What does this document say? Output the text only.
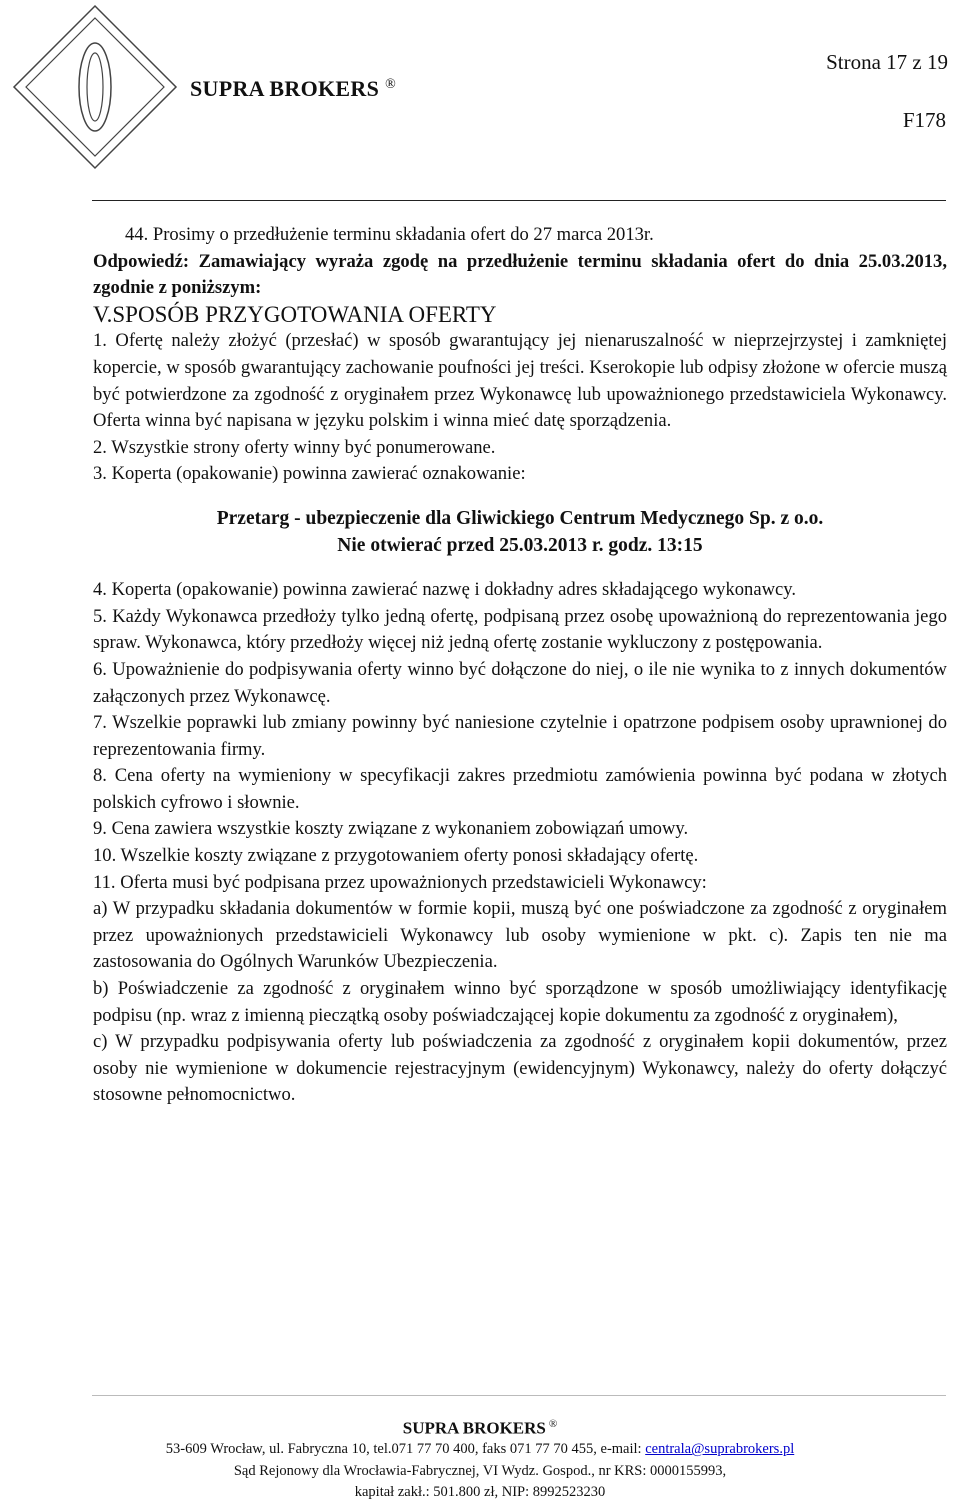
SUPRA BROKERS ®
Strona 17 z 19
F178

44. Prosimy o przedłużenie terminu składania ofert do 27 marca 2013r.

Odpowiedź: Zamawiający wyraża zgodę na przedłużenie terminu składania ofert do dnia 25.03.2013, zgodnie z poniższym:

V.SPOSÓB PRZYGOTOWANIA OFERTY

1. Ofertę należy złożyć (przesłać) w sposób gwarantujący jej nienaruszalność w nieprzejrzystej i zamkniętej kopercie, w sposób gwarantujący zachowanie poufności jej treści. Kserokopie lub odpisy złożone w ofercie muszą być potwierdzone za zgodność z oryginałem przez Wykonawcę lub upoważnionego przedstawiciela Wykonawcy. Oferta winna być napisana w języku polskim i winna mieć datę sporządzenia.

2. Wszystkie strony oferty winny być ponumerowane.

3. Koperta (opakowanie) powinna zawierać oznakowanie:

Przetarg - ubezpieczenie dla Gliwickiego Centrum Medycznego Sp. z o.o.

Nie otwierać przed 25.03.2013 r. godz. 13:15

4. Koperta (opakowanie) powinna zawierać nazwę i dokładny adres składającego wykonawcy.

5. Każdy Wykonawca przedłoży tylko jedną ofertę, podpisaną przez osobę upoważnioną do reprezentowania jego spraw. Wykonawca, który przedłoży więcej niż jedną ofertę zostanie wykluczony z postępowania.

6. Upoważnienie do podpisywania oferty winno być dołączone do niej, o ile nie wynika to z innych dokumentów załączonych przez Wykonawcę.

7. Wszelkie poprawki lub zmiany powinny być naniesione czytelnie i opatrzone podpisem osoby uprawnionej do reprezentowania firmy.

8. Cena oferty na wymieniony w specyfikacji zakres przedmiotu zamówienia powinna być podana w złotych polskich cyfrowo i słownie.

9. Cena zawiera wszystkie koszty związane z wykonaniem zobowiązań umowy.

10. Wszelkie koszty związane z przygotowaniem oferty ponosi składający ofertę.

11. Oferta musi być podpisana przez upoważnionych przedstawicieli Wykonawcy:

a) W przypadku składania dokumentów w formie kopii, muszą być one poświadczone za zgodność z oryginałem przez upoważnionych przedstawicieli Wykonawcy lub osoby wymienione w pkt. c). Zapis ten nie ma zastosowania do Ogólnych Warunków Ubezpieczenia.

b) Poświadczenie za zgodność z oryginałem winno być sporządzone w sposób umożliwiający identyfikację podpisu (np. wraz z imienną pieczątką osoby poświadczającej kopie dokumentu za zgodność z oryginałem),

c) W przypadku podpisywania oferty lub poświadczenia za zgodność z oryginałem kopii dokumentów, przez osoby nie wymienione w dokumencie rejestracyjnym (ewidencyjnym) Wykonawcy, należy do oferty dołączyć stosowne pełnomocnictwo.

SUPRA BROKERS ®
53-609 Wrocław, ul. Fabryczna 10, tel.071 77 70 400, faks 071 77 70 455, e-mail: centrala@suprabrokers.pl
Sąd Rejonowy dla Wrocławia-Fabrycznej, VI Wydz. Gospod., nr KRS: 0000155993,
kapitał zakł.: 501.800 zł, NIP: 8992523230
